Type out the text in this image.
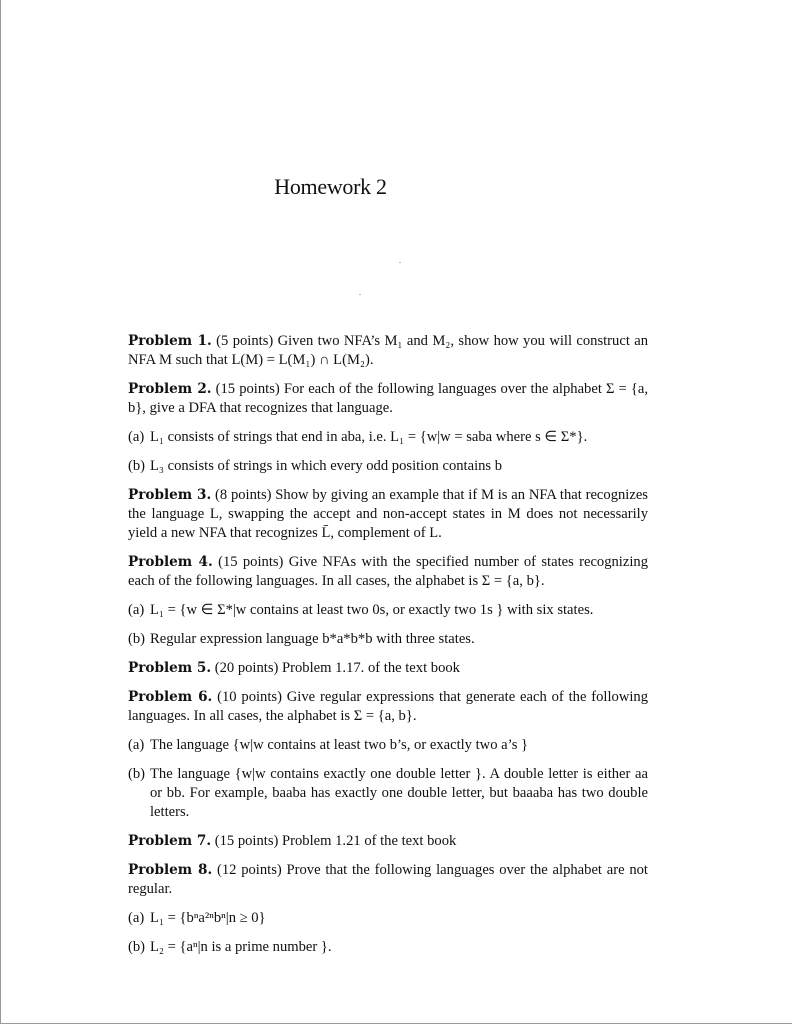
Homework 2

Problem 1. (5 points) Given two NFA’s M₁ and M₂, show how you will construct an NFA M such that L(M) = L(M₁) ∩ L(M₂).

Problem 2. (15 points) For each of the following languages over the alphabet Σ = {a, b}, give a DFA that recognizes that language.

(a) L₁ consists of strings that end in aba, i.e. L₁ = {w|w = saba where s ∈ Σ*}.

(b) L₃ consists of strings in which every odd position contains b

Problem 3. (8 points) Show by giving an example that if M is an NFA that recognizes the language L, swapping the accept and non-accept states in M does not necessarily yield a new NFA that recognizes L̄, complement of L.

Problem 4. (15 points) Give NFAs with the specified number of states recognizing each of the following languages. In all cases, the alphabet is Σ = {a, b}.

(a) L₁ = {w ∈ Σ*|w contains at least two 0s, or exactly two 1s } with six states.

(b) Regular expression language b*a*b*b with three states.

Problem 5. (20 points) Problem 1.17. of the text book

Problem 6. (10 points) Give regular expressions that generate each of the following languages. In all cases, the alphabet is Σ = {a, b}.

(a) The language {w|w contains at least two b’s, or exactly two a’s }

(b) The language {w|w contains exactly one double letter }. A double letter is either aa or bb. For example, baaba has exactly one double letter, but baaaba has two double letters.

Problem 7. (15 points) Problem 1.21 of the text book

Problem 8. (12 points) Prove that the following languages over the alphabet are not regular.

(a) L₁ = {bⁿa²ⁿbⁿ|n ≥ 0}

(b) L₂ = {aⁿ|n is a prime number }.
